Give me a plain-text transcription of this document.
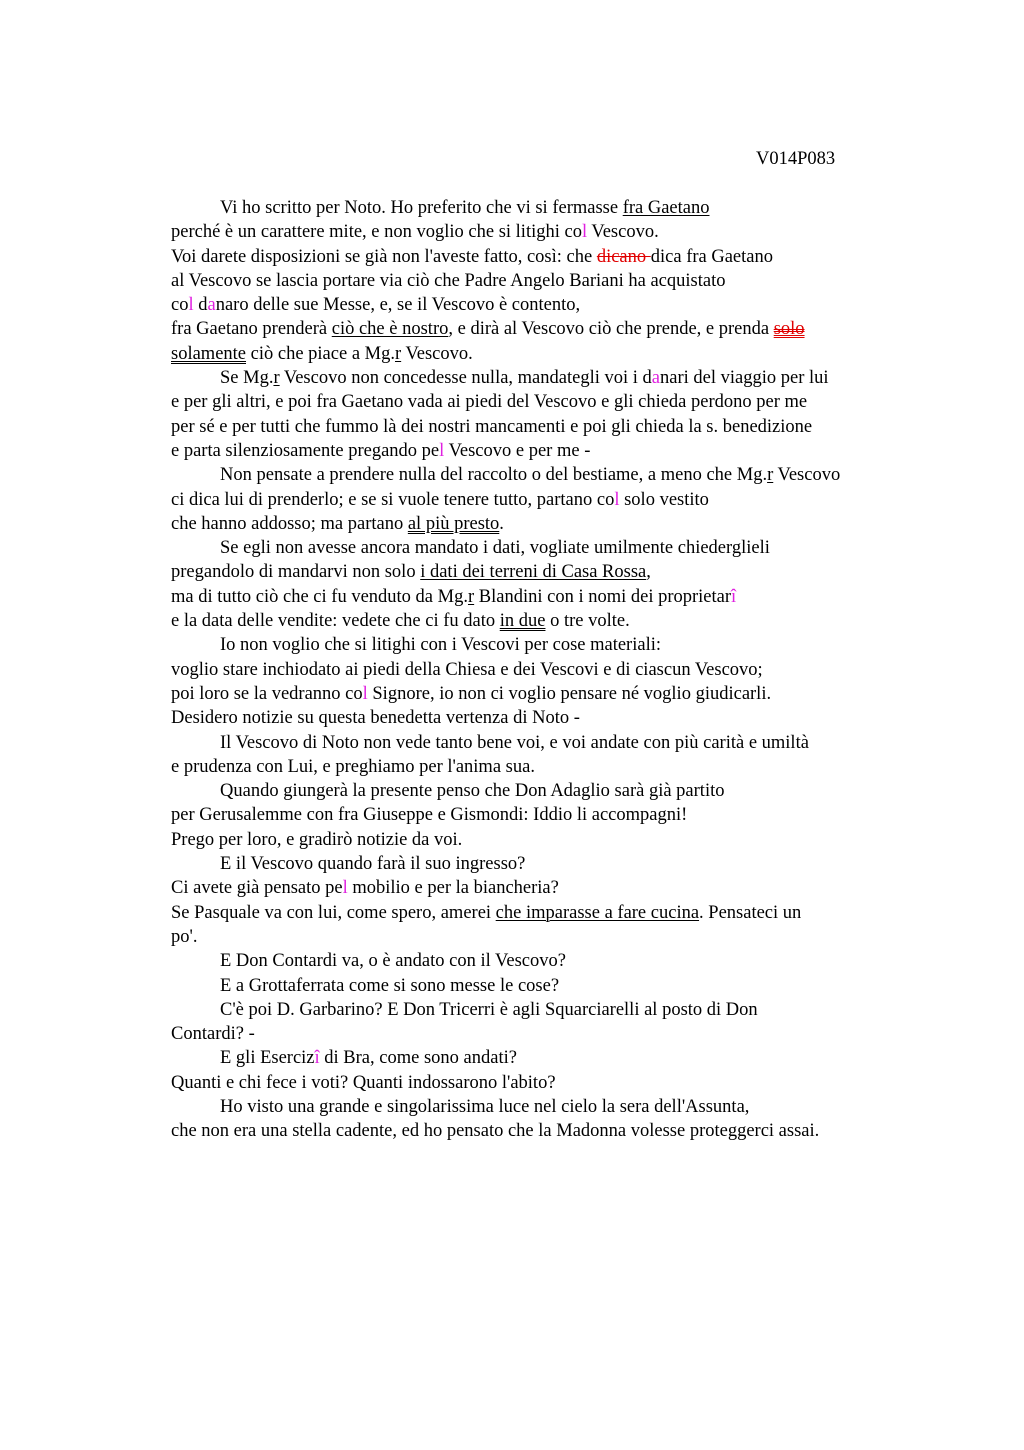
V014P083
Vi ho scritto per Noto. Ho preferito che vi si fermasse fra Gaetano
perché è un carattere mite, e non voglio che si litighi col Vescovo.
Voi darete disposizioni se già non l'aveste fatto, così: che dicano dica fra Gaetano
al Vescovo se lascia portare via ciò che Padre Angelo Bariani ha acquistato
col danaro delle sue Messe, e, se il Vescovo è contento,
fra Gaetano prenderà ciò che è nostro, e dirà al Vescovo ciò che prende, e prenda solo
solamente ciò che piace a Mg.r Vescovo.
Se Mg.r Vescovo non concedesse nulla, mandategli voi i danari del viaggio per lui
e per gli altri, e poi fra Gaetano vada ai piedi del Vescovo e gli chieda perdono per me
per sé e per tutti che fummo là dei nostri mancamenti e poi gli chieda la s. benedizione
e parta silenziosamente pregando pel Vescovo e per me -
Non pensate a prendere nulla del raccolto o del bestiame, a meno che Mg.r Vescovo
ci dica lui di prenderlo; e se si vuole tenere tutto, partano col solo vestito
che hanno addosso; ma partano al più presto.
Se egli non avesse ancora mandato i dati, vogliate umilmente chiederglieli
pregandolo di mandarvi non solo i dati dei terreni di Casa Rossa,
ma di tutto ciò che ci fu venduto da Mg.r Blandini con i nomi dei proprietarî
e la data delle vendite: vedete che ci fu dato in due o tre volte.
Io non voglio che si litighi con i Vescovi per cose materiali:
voglio stare inchiodato ai piedi della Chiesa e dei Vescovi e di ciascun Vescovo;
poi loro se la vedranno col Signore, io non ci voglio pensare né voglio giudicarli.
Desidero notizie su questa benedetta vertenza di Noto -
Il Vescovo di Noto non vede tanto bene voi, e voi andate con più carità e umiltà
e prudenza con Lui, e preghiamo per l'anima sua.
Quando giungerà la presente penso che Don Adaglio sarà già partito
per Gerusalemme con fra Giuseppe e Gismondi: Iddio li accompagni!
Prego per loro, e gradirò notizie da voi.
E il Vescovo quando farà il suo ingresso?
Ci avete già pensato pel mobilio e per la biancheria?
Se Pasquale va con lui, come spero, amerei che imparasse a fare cucina. Pensateci un
po'.
E Don Contardi va, o è andato con il Vescovo?
E a Grottaferrata come si sono messe le cose?
C'è poi D. Garbarino? E Don Tricerri è agli Squarciarelli al posto di Don
Contardi? -
E gli Esercizî di Bra, come sono andati?
Quanti e chi fece i voti? Quanti indossarono l'abito?
Ho visto una grande e singolarissima luce nel cielo la sera dell'Assunta,
che non era una stella cadente, ed ho pensato che la Madonna volesse proteggerci assai.
